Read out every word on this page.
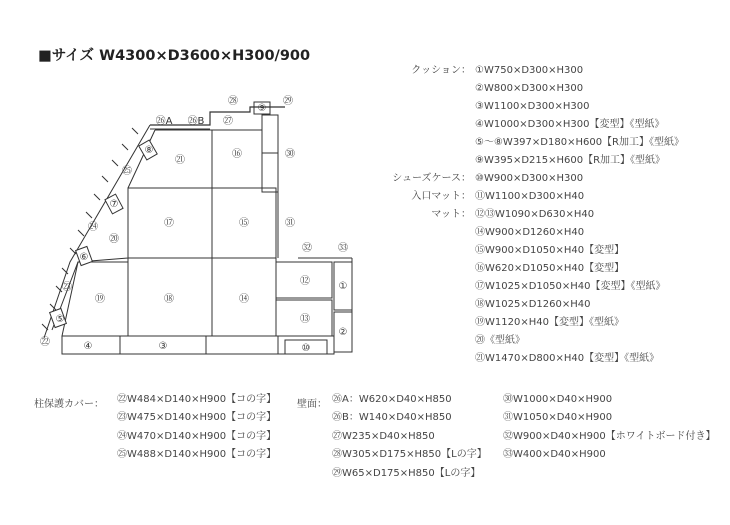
■サイズ W4300×D3600×H300/900
①
②
③
④
⑤
⑥
⑦
⑧
⑨
⑩
⑫
⑬
⑭
⑮
⑯
⑰
⑱
⑲
⑳
㉑
㉒
㉓
㉔
㉕
㉖A ㉖B ㉗
㉘	㉙
㉚
㉛
㉜	㉝
クッション： ①W750×D300×H300
②W800×D300×H300
③W1100×D300×H300
④W1000×D300×H300【変型】《型紙》
⑤〜⑧W397×D180×H600【R加工】《型紙》
⑨W395×D215×H600【R加工】《型紙》
シューズケース： ⑩W900×D300×H300
入口マット： ⑪W1100×D300×H40
マット： ⑫⑬W1090×D630×H40
⑭W900×D1260×H40
⑮W900×D1050×H40【変型】
⑯W620×D1050×H40【変型】
⑰W1025×D1050×H40【変型】《型紙》
⑱W1025×D1260×H40
⑲W1120×H40【変型】《型紙》
⑳《型紙》
㉑W1470×D800×H40【変型】《型紙》
柱保護カバー： ㉒W484×D140×H900【コの字】
㉓W475×D140×H900【コの字】
㉔W470×D140×H900【コの字】
㉕W488×D140×H900【コの字】
壁面： ㉖A：W620×D40×H850
㉖B：W140×D40×H850
㉗W235×D40×H850
㉘W305×D175×H850【Lの字】
㉙W65×D175×H850【Lの字】
㉚W1000×D40×H900
㉛W1050×D40×H900
㉜W900×D40×H900【ホワイトボード付き】
㉝W400×D40×H900
